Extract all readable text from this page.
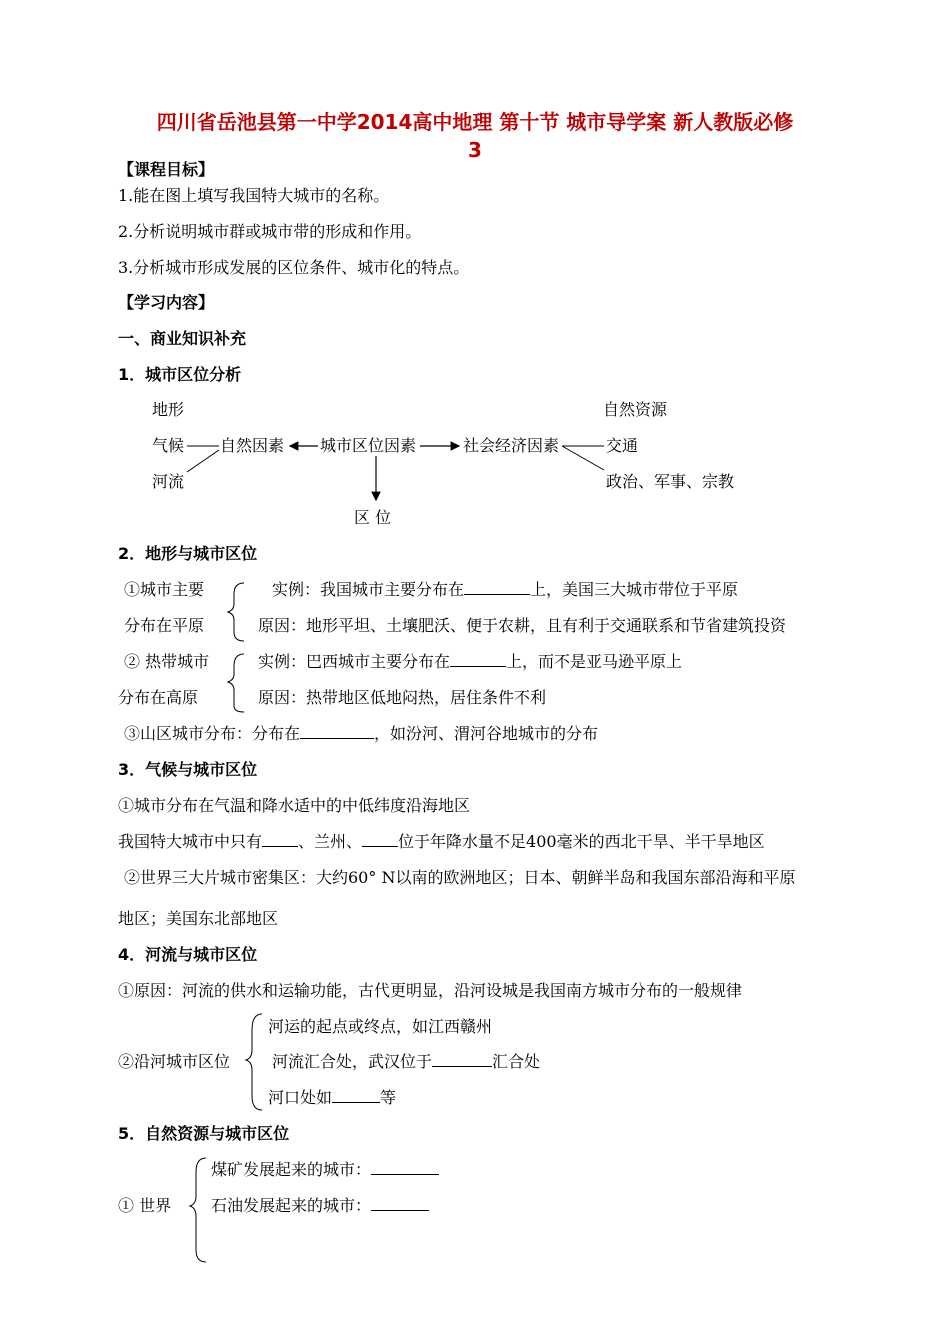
四川省岳池县第一中学2014高中地理 第十节 城市导学案 新人教版必修
3
【课程目标】
1.能在图上填写我国特大城市的名称。
2.分析说明城市群或城市带的形成和作用。
3.分析城市形成发展的区位条件、城市化的特点。
【学习内容】
一、商业知识补充
1．城市区位分析
地形
气候
河流
自然因素 城市区位因素	社会经济因素
自然资源
交通
政治、军事、宗教
区 位
2．地形与城市区位
①城市主要
分布在平原
实例：我国城市主要分布在	上，美国三大城市带位于平原
原因：地形平坦、土壤肥沃、便于农耕，且有利于交通联系和节省建筑投资
② 热带城市
分布在高原
实例：巴西城市主要分布在	上，而不是亚马逊平原上
原因：热带地区低地闷热，居住条件不利
③山区城市分布：分布在	，如汾河、渭河谷地城市的分布
3．气候与城市区位
①城市分布在气温和降水适中的中低纬度沿海地区
我国特大城市中只有 、兰州、 位于年降水量不足400毫米的西北干旱、半干旱地区
②世界三大片城市密集区：大约60° N以南的欧洲地区；日本、朝鲜半岛和我国东部沿海和平原
地区；美国东北部地区
4．河流与城市区位
①原因：河流的供水和运输功能，古代更明显，沿河设城是我国南方城市分布的一般规律
②沿河城市区位
河运的起点或终点，如江西赣州
河流汇合处，武汉位于	汇合处
河口处如	等
5．自然资源与城市区位
① 世界
煤矿发展起来的城市：
石油发展起来的城市：
